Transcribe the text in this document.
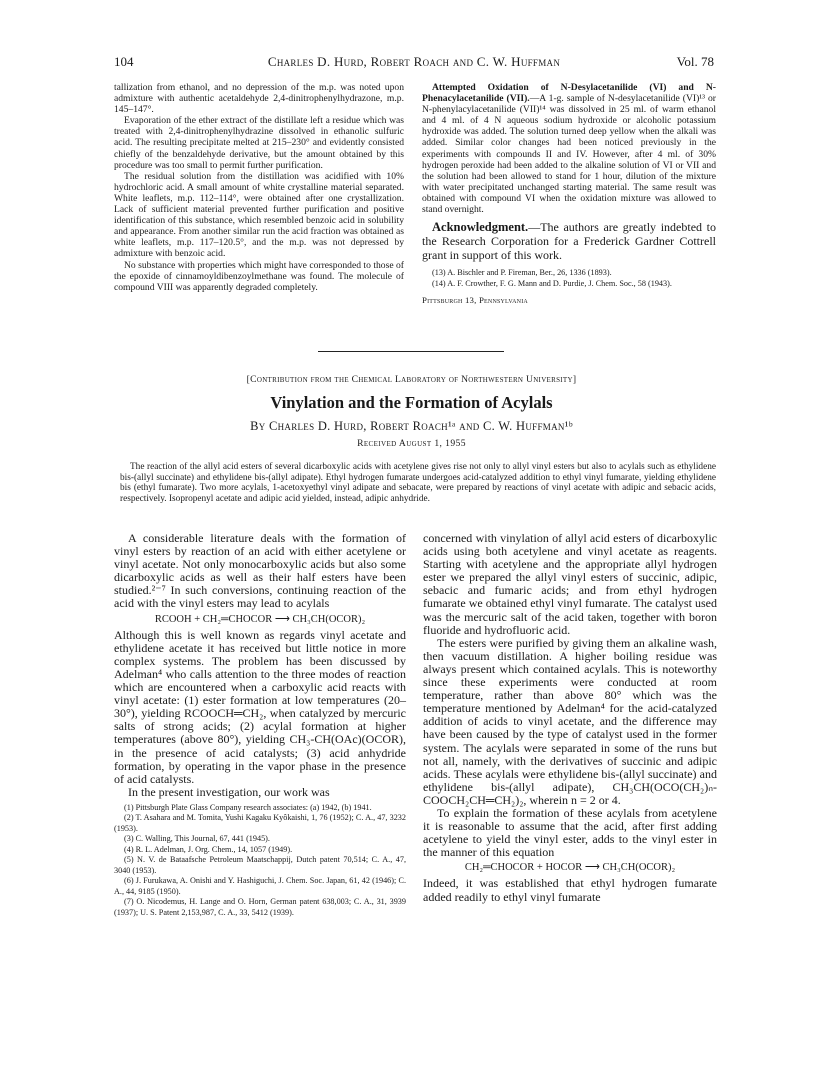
104	Charles D. Hurd, Robert Roach and C. W. Huffman	Vol. 78

tallization from ethanol, and no depression of the m.p. was noted upon admixture with authentic acetaldehyde 2,4-dinitrophenylhydrazone, m.p. 145–147°.

Evaporation of the ether extract of the distillate left a residue which was treated with 2,4-dinitrophenylhydrazine dissolved in ethanolic sulfuric acid. The resulting precipitate melted at 215–230° and evidently consisted chiefly of the benzaldehyde derivative, but the amount obtained by this procedure was too small to permit further purification.

The residual solution from the distillation was acidified with 10% hydrochloric acid. A small amount of white crystalline material separated. White leaflets, m.p. 112–114°, were obtained after one crystallization. Lack of sufficient material prevented further purification and positive identification of this substance, which resembled benzoic acid in solubility and appearance. From another similar run the acid fraction was obtained as white leaflets, m.p. 117–120.5°, and the m.p. was not depressed by admixture with benzoic acid.

No substance with properties which might have corresponded to those of the epoxide of cinnamoyldibenzoylmethane was found. The molecule of compound VIII was apparently degraded completely.

Attempted Oxidation of N-Desylacetanilide (VI) and N-Phenacylacetanilide (VII).—A 1-g. sample of N-desylacetanilide (VI)¹³ or N-phenylacylacetanilide (VII)¹⁴ was dissolved in 25 ml. of warm ethanol and 4 ml. of 4 N aqueous sodium hydroxide or alcoholic potassium hydroxide was added. The solution turned deep yellow when the alkali was added. Similar color changes had been noticed previously in the experiments with compounds II and IV. However, after 4 ml. of 30% hydrogen peroxide had been added to the alkaline solution of VI or VII and the solution had been allowed to stand for 1 hour, dilution of the mixture with water precipitated unchanged starting material. The same result was obtained with compound VI when the oxidation mixture was allowed to stand overnight.

Acknowledgment.—The authors are greatly indebted to the Research Corporation for a Frederick Gardner Cottrell grant in support of this work.

(13) A. Bischler and P. Fireman, Ber., 26, 1336 (1893).

(14) A. F. Crowther, F. G. Mann and D. Purdie, J. Chem. Soc., 58 (1943).

Pittsburgh 13, Pennsylvania
[Contribution from the Chemical Laboratory of Northwestern University]
Vinylation and the Formation of Acylals
By Charles D. Hurd, Robert Roach¹ᵃ and C. W. Huffman¹ᵇ
Received August 1, 1955

The reaction of the allyl acid esters of several dicarboxylic acids with acetylene gives rise not only to allyl vinyl esters but also to acylals such as ethylidene bis-(allyl succinate) and ethylidene bis-(allyl adipate). Ethyl hydrogen fumarate undergoes acid-catalyzed addition to ethyl vinyl fumarate, yielding ethylidene bis (ethyl fumarate). Two more acylals, 1-acetoxyethyl vinyl adipate and sebacate, were prepared by reactions of vinyl acetate with adipic and sebacic acids, respectively. Isopropenyl acetate and adipic acid yielded, instead, adipic anhydride.

A considerable literature deals with the formation of vinyl esters by reaction of an acid with either acetylene or vinyl acetate. Not only monocarboxylic acids but also some dicarboxylic acids as well as their half esters have been studied.²⁻⁷ In such conversions, continuing reaction of the acid with the vinyl esters may lead to acylals

RCOOH + CH₂═CHOCOR ⟶ CH₃CH(OCOR)₂

Although this is well known as regards vinyl acetate and ethylidene acetate it has received but little notice in more complex systems. The problem has been discussed by Adelman⁴ who calls attention to the three modes of reaction which are encountered when a carboxylic acid reacts with vinyl acetate: (1) ester formation at low temperatures (20–30°), yielding RCOOCH═CH₂, when catalyzed by mercuric salts of strong acids; (2) acylal formation at higher temperatures (above 80°), yielding CH₃-CH(OAc)(OCOR), in the presence of acid catalysts; (3) acid anhydride formation, by operating in the vapor phase in the presence of acid catalysts.

In the present investigation, our work was

(1) Pittsburgh Plate Glass Company research associates: (a) 1942, (b) 1941.

(2) T. Asahara and M. Tomita, Yushi Kagaku Kyôkaishi, 1, 76 (1952); C. A., 47, 3232 (1953).

(3) C. Walling, This Journal, 67, 441 (1945).

(4) R. L. Adelman, J. Org. Chem., 14, 1057 (1949).

(5) N. V. de Bataafsche Petroleum Maatschappij, Dutch patent 70,514; C. A., 47, 3040 (1953).

(6) J. Furukawa, A. Onishi and Y. Hashiguchi, J. Chem. Soc. Japan, 61, 42 (1946); C. A., 44, 9185 (1950).

(7) O. Nicodemus, H. Lange and O. Horn, German patent 638,003; C. A., 31, 3939 (1937); U. S. Patent 2,153,987, C. A., 33, 5412 (1939).

concerned with vinylation of allyl acid esters of dicarboxylic acids using both acetylene and vinyl acetate as reagents. Starting with acetylene and the appropriate allyl hydrogen ester we prepared the allyl vinyl esters of succinic, adipic, sebacic and fumaric acids; and from ethyl hydrogen fumarate we obtained ethyl vinyl fumarate. The catalyst used was the mercuric salt of the acid taken, together with boron fluoride and hydrofluoric acid.

The esters were purified by giving them an alkaline wash, then vacuum distillation. A higher boiling residue was always present which contained acylals. This is noteworthy since these experiments were conducted at room temperature, rather than above 80° which was the temperature mentioned by Adelman⁴ for the acid-catalyzed addition of acids to vinyl acetate, and the difference may have been caused by the type of catalyst used in the former system. The acylals were separated in some of the runs but not all, namely, with the derivatives of succinic and adipic acids. These acylals were ethylidene bis-(allyl succinate) and ethylidene bis-(allyl adipate), CH₃CH(OCO(CH₂)ₙ-COOCH₂CH═CH₂)₂, wherein n = 2 or 4.

To explain the formation of these acylals from acetylene it is reasonable to assume that the acid, after first adding acetylene to yield the vinyl ester, adds to the vinyl ester in the manner of this equation

CH₂═CHOCOR + HOCOR ⟶ CH₃CH(OCOR)₂

Indeed, it was established that ethyl hydrogen fumarate added readily to ethyl vinyl fumarate
